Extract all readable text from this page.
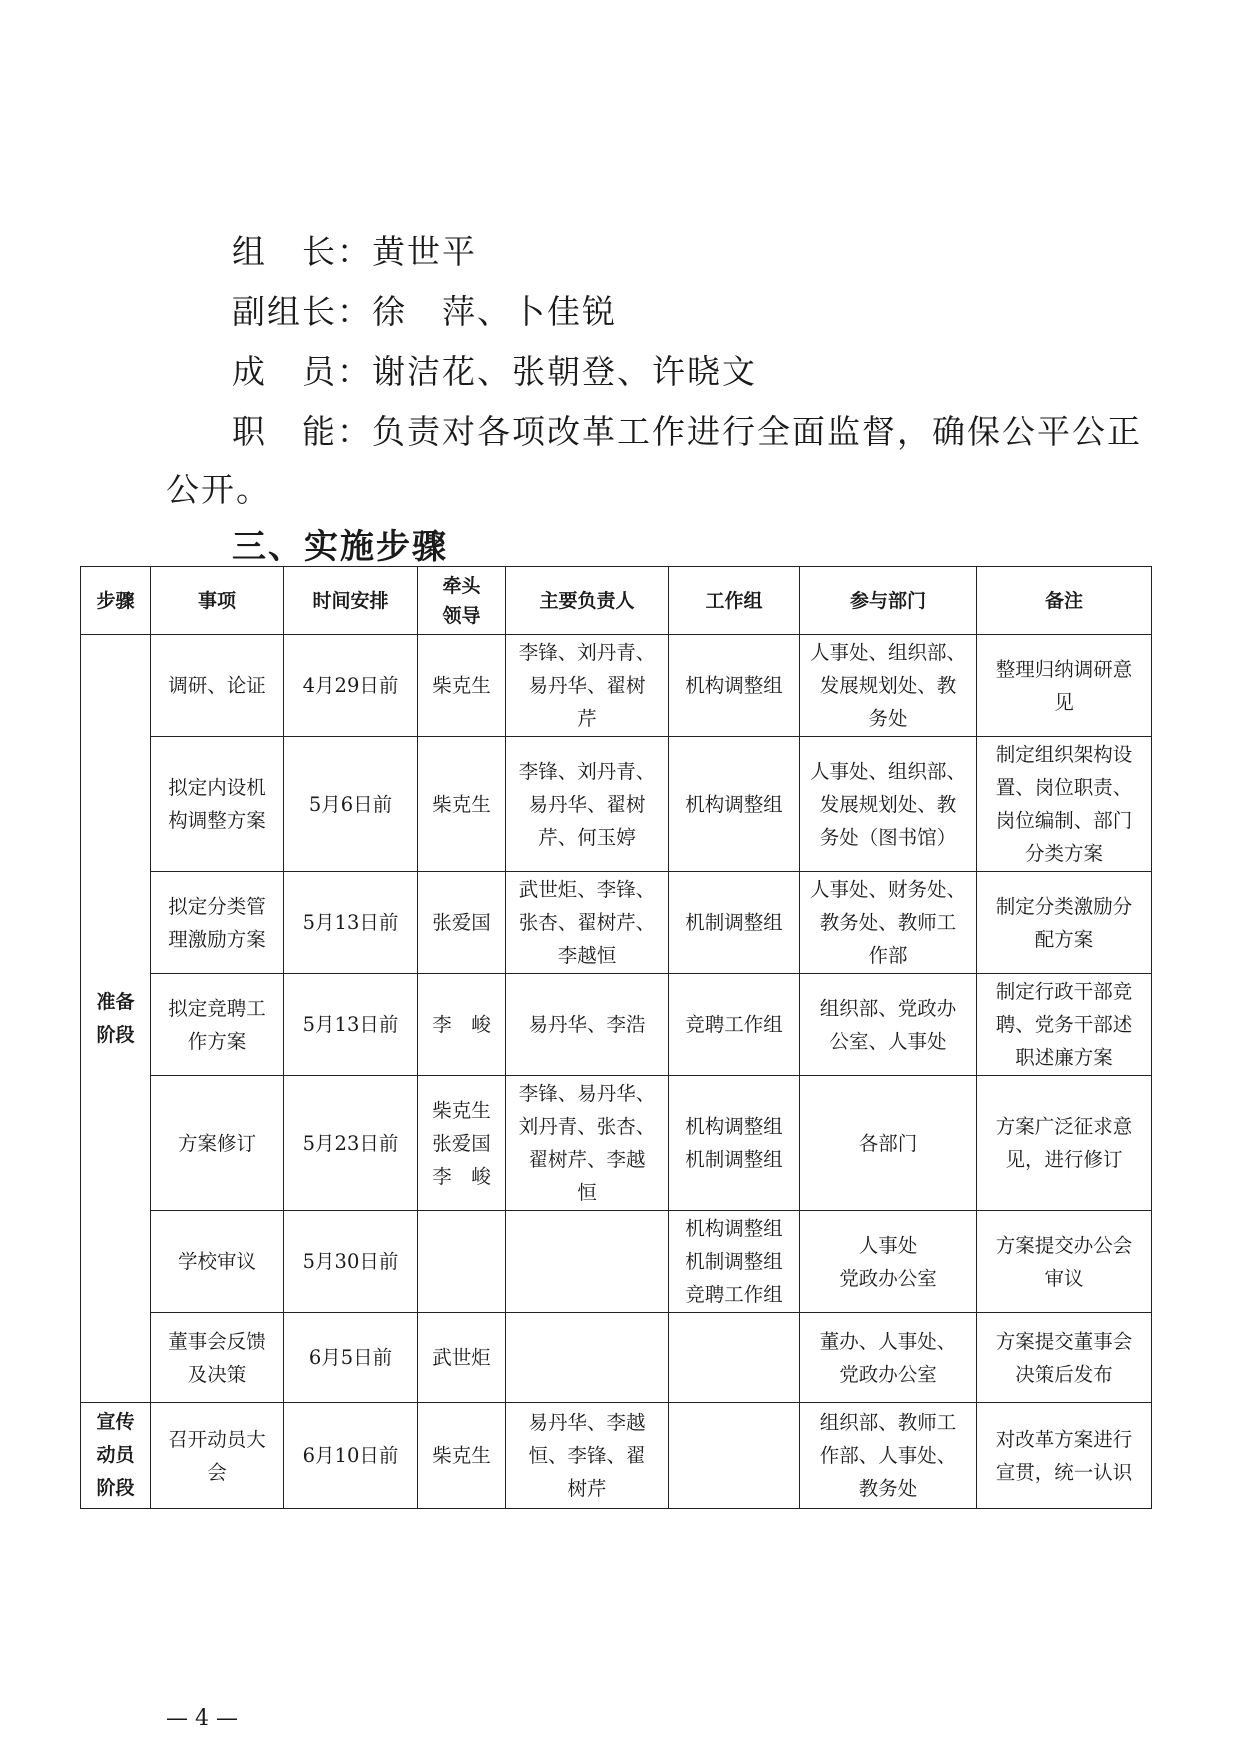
组　长：黄世平
副组长：徐　萍、卜佳锐
成　员：谢洁花、张朝登、许晓文
职　能：负责对各项改革工作进行全面监督，确保公平公正
公开。
三、实施步骤
步骤	事项	时间安排	牵头
领导	主要负责人	工作组	参与部门	备注

准备
阶段	调研、论证	4月29日前	柴克生	李锋、刘丹青、
易丹华、翟树
芹	机构调整组	人事处、组织部、
发展规划处、教
务处	整理归纳调研意
见

	拟定内设机
构调整方案	5月6日前	柴克生	李锋、刘丹青、
易丹华、翟树
芹、何玉婷	机构调整组	人事处、组织部、
发展规划处、教
务处（图书馆）	制定组织架构设
置、岗位职责、
岗位编制、部门
分类方案

	拟定分类管
理激励方案	5月13日前	张爱国	武世炬、李锋、
张杏、翟树芹、
李越恒	机制调整组	人事处、财务处、
教务处、教师工
作部	制定分类激励分
配方案

	拟定竞聘工
作方案	5月13日前	李　峻	易丹华、李浩	竞聘工作组	组织部、党政办
公室、人事处	制定行政干部竞
聘、党务干部述
职述廉方案

	方案修订	5月23日前	柴克生
张爱国
李　峻	李锋、易丹华、
刘丹青、张杏、
翟树芹、李越
恒	机构调整组
机制调整组	各部门	方案广泛征求意
见，进行修订

	学校审议	5月30日前			机构调整组
机制调整组
竞聘工作组	人事处
党政办公室	方案提交办公会
审议

	董事会反馈
及决策	6月5日前	武世炬			董办、人事处、
党政办公室	方案提交董事会
决策后发布

宣传
动员
阶段	召开动员大
会	6月10日前	柴克生	易丹华、李越
恒、李锋、翟
树芹		组织部、教师工
作部、人事处、
教务处	对改革方案进行
宣贯，统一认识
— 4 —
